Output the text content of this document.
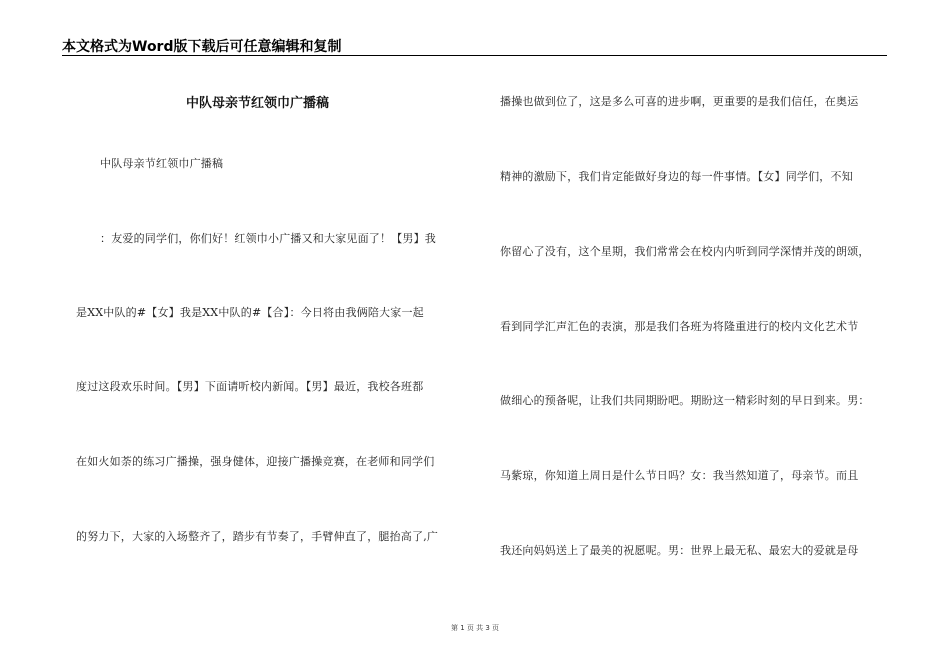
本文格式为Word版下载后可任意编辑和复制
中队母亲节红领巾广播稿
中队母亲节红领巾广播稿
：友爱的同学们，你们好！红领巾小广播又和大家见面了！【男】我
是XX中队的#【女】我是XX中队的#【合】：今日将由我俩陪大家一起
度过这段欢乐时间。【男】下面请听校内新闻。【男】最近，我校各班都
在如火如荼的练习广播操，强身健体，迎接广播操竞赛，在老师和同学们
的努力下，大家的入场整齐了，踏步有节奏了，手臂伸直了，腿抬高了,广
播操也做到位了，这是多么可喜的进步啊，更重要的是我们信任，在奥运
精神的激励下，我们肯定能做好身边的每一件事情。【女】同学们，不知
你留心了没有，这个星期，我们常常会在校内内听到同学深情并茂的朗颂，
看到同学汇声汇色的表演，那是我们各班为将隆重进行的校内文化艺术节
做细心的预备呢，让我们共同期盼吧。期盼这一精彩时刻的早日到来。男：
马紫琼，你知道上周日是什么节日吗？女：我当然知道了，母亲节。而且
我还向妈妈送上了最美的祝愿呢。男：世界上最无私、最宏大的爱就是母
第 1 页 共 3 页
